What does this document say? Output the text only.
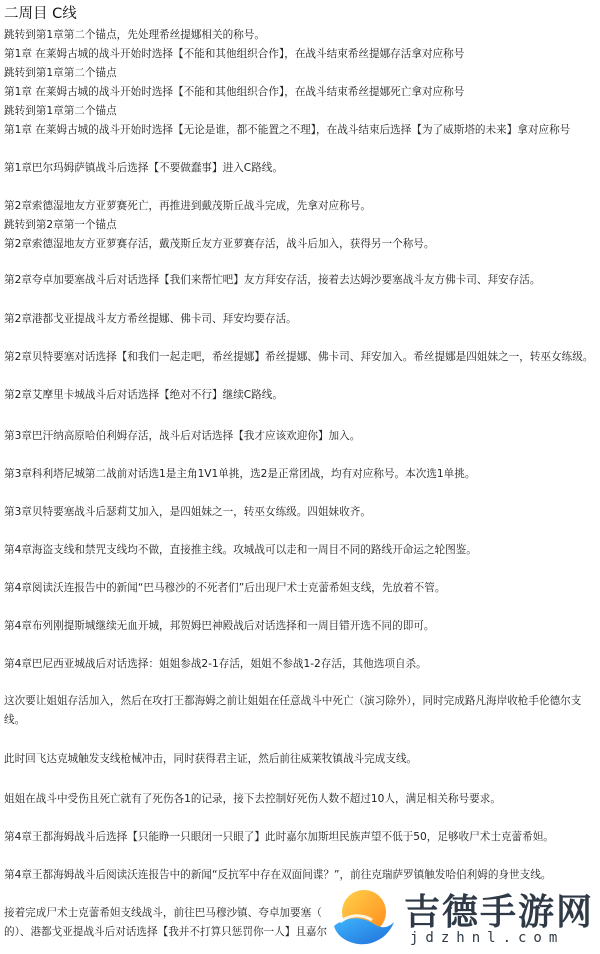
二周目 C线
跳转到第1章第二个锚点，先处理希丝提娜相关的称号。
第1章 在莱姆古城的战斗开始时选择【不能和其他组织合作】，在战斗结束希丝提娜存活拿对应称号
跳转到第1章第二个锚点
第1章 在莱姆古城的战斗开始时选择【不能和其他组织合作】，在战斗结束希丝提娜死亡拿对应称号
跳转到第1章第二个锚点
第1章 在莱姆古城的战斗开始时选择【无论是谁，都不能置之不理】，在战斗结束后选择【为了威斯塔的未来】拿对应称号
第1章巴尔玛姆萨镇战斗后选择【不要做蠢事】进入C路线。
第2章索德湿地友方亚萝赛死亡，再推进到戴茂斯丘战斗完成，先拿对应称号。
跳转到第2章第一个锚点
第2章索德湿地友方亚萝赛存活，戴茂斯丘友方亚萝赛存活，战斗后加入，获得另一个称号。
第2章夸卓加要塞战斗后对话选择【我们来帮忙吧】友方拜安存活，接着去达姆沙要塞战斗友方佛卡司、拜安存活。
第2章港都戈亚提战斗友方希丝提娜、佛卡司、拜安均要存活。
第2章贝特要塞对话选择【和我们一起走吧，希丝提娜】希丝提娜、佛卡司、拜安加入。希丝提娜是四姐妹之一，转巫女练级。
第2章艾摩里卡城战斗后对话选择【绝对不行】继续C路线。
第3章巴汗纳高原哈伯利姆存活，战斗后对话选择【我才应该欢迎你】加入。
第3章科利塔尼城第二战前对话选1是主角1V1单挑，选2是正常团战，均有对应称号。本次选1单挑。
第3章贝特要塞战斗后瑟莉艾加入，是四姐妹之一，转巫女练级。四姐妹收齐。
第4章海盗支线和禁咒支线均不做，直接推主线。攻城战可以走和一周目不同的路线开命运之轮图鉴。
第4章阅读沃连报告中的新闻“巴马穆沙的不死者们”后出现尸术士克蕾希妲支线，先放着不管。
第4章布列刚提斯城继续无血开城，邦贺姆巴神殿战后对话选择和一周目错开选不同的即可。
第4章巴尼西亚城战后对话选择：姐姐参战2-1存活，姐姐不参战1-2存活，其他选项自杀。
这次要让姐姐存活加入，然后在攻打王都海姆之前让姐姐在任意战斗中死亡（演习除外），同时完成路凡海岸收枪手伦德尔支线。
此时回飞达克城触发支线枪械冲击，同时获得君主证，然后前往威莱牧镇战斗完成支线。
姐姐在战斗中受伤且死亡就有了死伤各1的记录，接下去控制好死伤人数不超过10人，满足相关称号要求。
第4章王都海姆战斗后选择【只能睁一只眼闭一只眼了】此时嘉尔加斯坦民族声望不低于50，足够收尸术士克蕾希妲。
第4章王都海姆战斗后阅读沃连报告中的新闻“反抗军中存在双面间谍？”，前往克瑞萨罗镇触发哈伯利姆的身世支线。
接着完成尸术士克蕾希妲支线战斗，前往巴马穆沙镇、夸卓加要塞（
的）、港都戈亚提战斗后对话选择【我并不打算只惩罚你一人】且嘉尔 吉德手游网
jdzhnl.com
